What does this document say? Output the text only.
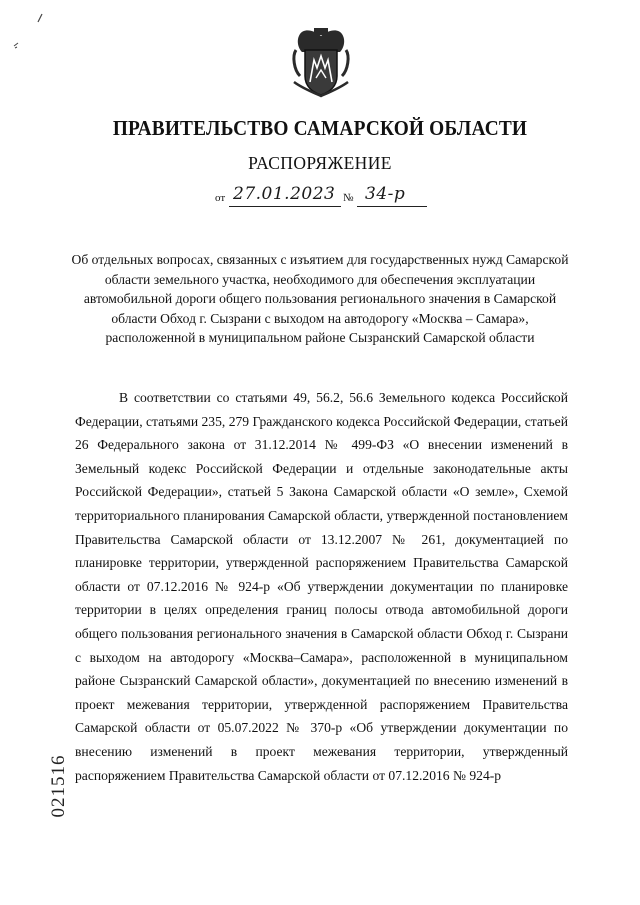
ПРАВИТЕЛЬСТВО САМАРСКОЙ ОБЛАСТИ
РАСПОРЯЖЕНИЕ
от 27.01.2023 № 34-р
Об отдельных вопросах, связанных с изъятием для государственных нужд Самарской области земельного участка, необходимого для обеспечения эксплуатации автомобильной дороги общего пользования регионального значения в Самарской области Обход г. Сызрани с выходом на автодорогу «Москва – Самара», расположенной в муниципальном районе Сызранский Самарской области

В соответствии со статьями 49, 56.2, 56.6 Земельного кодекса Российской Федерации, статьями 235, 279 Гражданского кодекса Российской Федерации, статьей 26 Федерального закона от 31.12.2014 № 499-ФЗ «О внесении изменений в Земельный кодекс Российской Федерации и отдельные законодательные акты Российской Федерации», статьей 5 Закона Самарской области «О земле», Схемой территориального планирования Самарской области, утвержденной постановлением Правительства Самарской области от 13.12.2007 № 261, документацией по планировке территории, утвержденной распоряжением Правительства Самарской области от 07.12.2016 № 924-р «Об утверждении документации по планировке территории в целях определения границ полосы отвода автомобильной дороги общего пользования регионального значения в Самарской области Обход г. Сызрани с выходом на автодорогу «Москва–Самара», расположенной в муниципальном районе Сызранский Самарской области», документацией по внесению изменений в проект межевания территории, утвержденной распоряжением Правительства Самарской области от 05.07.2022 № 370-р «Об утверждении документации по внесению изменений в проект межевания территории, утвержденный распоряжением Правительства Самарской области от 07.12.2016 № 924-р

021516
